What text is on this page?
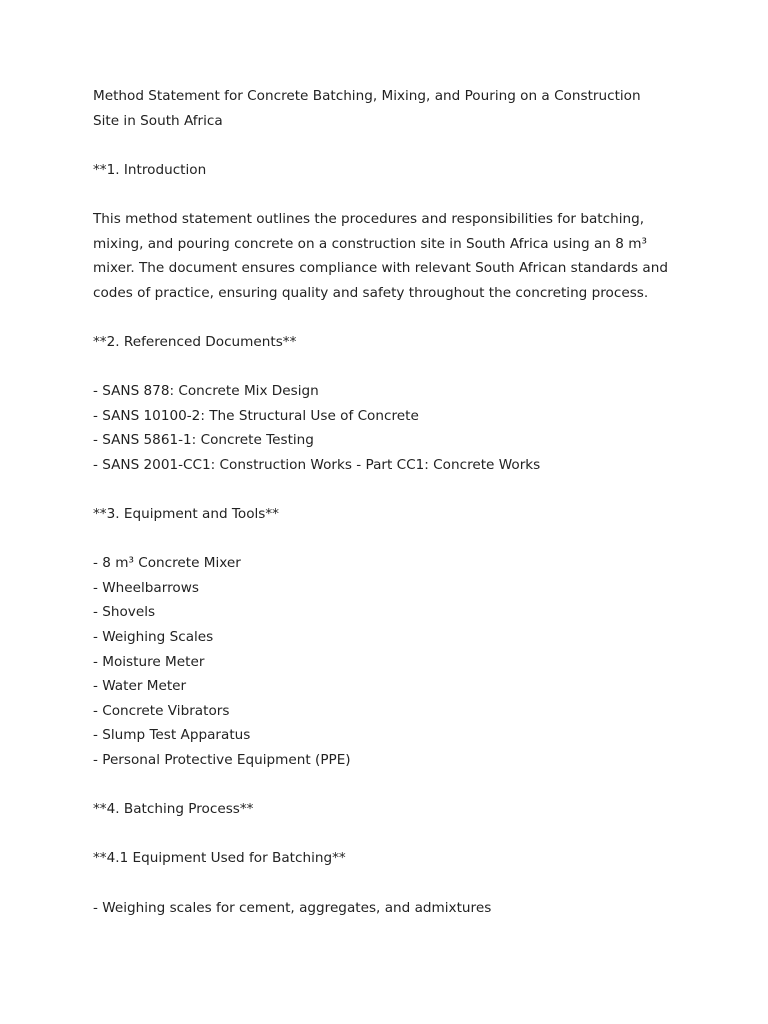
Method Statement for Concrete Batching, Mixing, and Pouring on a Construction
Site in South Africa
**1. Introduction
This method statement outlines the procedures and responsibilities for batching,
mixing, and pouring concrete on a construction site in South Africa using an 8 m³
mixer. The document ensures compliance with relevant South African standards and
codes of practice, ensuring quality and safety throughout the concreting process.
**2. Referenced Documents**
- SANS 878: Concrete Mix Design
- SANS 10100-2: The Structural Use of Concrete
- SANS 5861-1: Concrete Testing
- SANS 2001-CC1: Construction Works - Part CC1: Concrete Works
**3. Equipment and Tools**
- 8 m³ Concrete Mixer
- Wheelbarrows
- Shovels
- Weighing Scales
- Moisture Meter
- Water Meter
- Concrete Vibrators
- Slump Test Apparatus
- Personal Protective Equipment (PPE)
**4. Batching Process**
**4.1 Equipment Used for Batching**
- Weighing scales for cement, aggregates, and admixtures
